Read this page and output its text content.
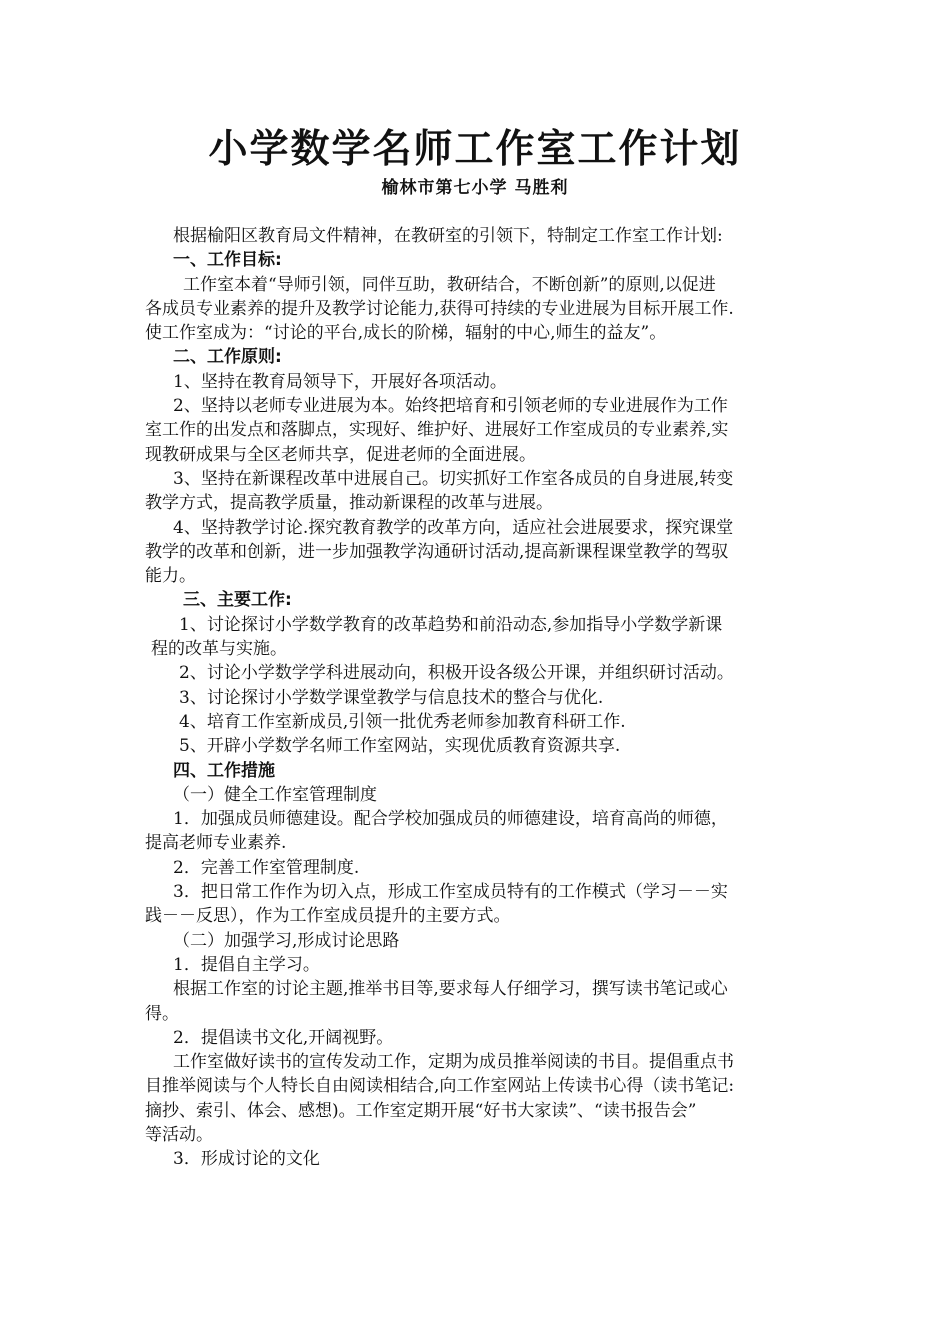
小学数学名师工作室工作计划
榆林市第七小学 马胜利

根据榆阳区教育局文件精神，在教研室的引领下，特制定工作室工作计划:

一、工作目标:

工作室本着“导师引领，同伴互助，教研结合，不断创新”的原则,以促进

各成员专业素养的提升及教学讨论能力,获得可持续的专业进展为目标开展工作.

使工作室成为：“讨论的平台,成长的阶梯，辐射的中心,师生的益友”。

二、工作原则:

1、坚持在教育局领导下，开展好各项活动。

2、坚持以老师专业进展为本。始终把培育和引领老师的专业进展作为工作

室工作的出发点和落脚点，实现好、维护好、进展好工作室成员的专业素养,实

现教研成果与全区老师共享，促进老师的全面进展。

3、坚持在新课程改革中进展自己。切实抓好工作室各成员的自身进展,转变

教学方式，提高教学质量，推动新课程的改革与进展。

4、坚持教学讨论.探究教育教学的改革方向，适应社会进展要求，探究课堂

教学的改革和创新，进一步加强教学沟通研讨活动,提高新课程课堂教学的驾驭

能力。

三、主要工作:

1、讨论探讨小学数学教育的改革趋势和前沿动态,参加指导小学数学新课

程的改革与实施。

2、讨论小学数学学科进展动向，积极开设各级公开课，并组织研讨活动。

3、讨论探讨小学数学课堂教学与信息技术的整合与优化.

4、培育工作室新成员,引领一批优秀老师参加教育科研工作.

5、开辟小学数学名师工作室网站，实现优质教育资源共享.

四、工作措施

（一）健全工作室管理制度

1．加强成员师德建设。配合学校加强成员的师德建设，培育高尚的师德，

提高老师专业素养.

2．完善工作室管理制度.

3．把日常工作作为切入点，形成工作室成员特有的工作模式（学习－－实

践－－反思），作为工作室成员提升的主要方式。

（二）加强学习,形成讨论思路

1．提倡自主学习。

根据工作室的讨论主题,推举书目等,要求每人仔细学习，撰写读书笔记或心

得。

2．提倡读书文化,开阔视野。

工作室做好读书的宣传发动工作，定期为成员推举阅读的书目。提倡重点书

目推举阅读与个人特长自由阅读相结合,向工作室网站上传读书心得（读书笔记:

摘抄、索引、体会、感想)。工作室定期开展“好书大家读”、“读书报告会”

等活动。

3．形成讨论的文化
